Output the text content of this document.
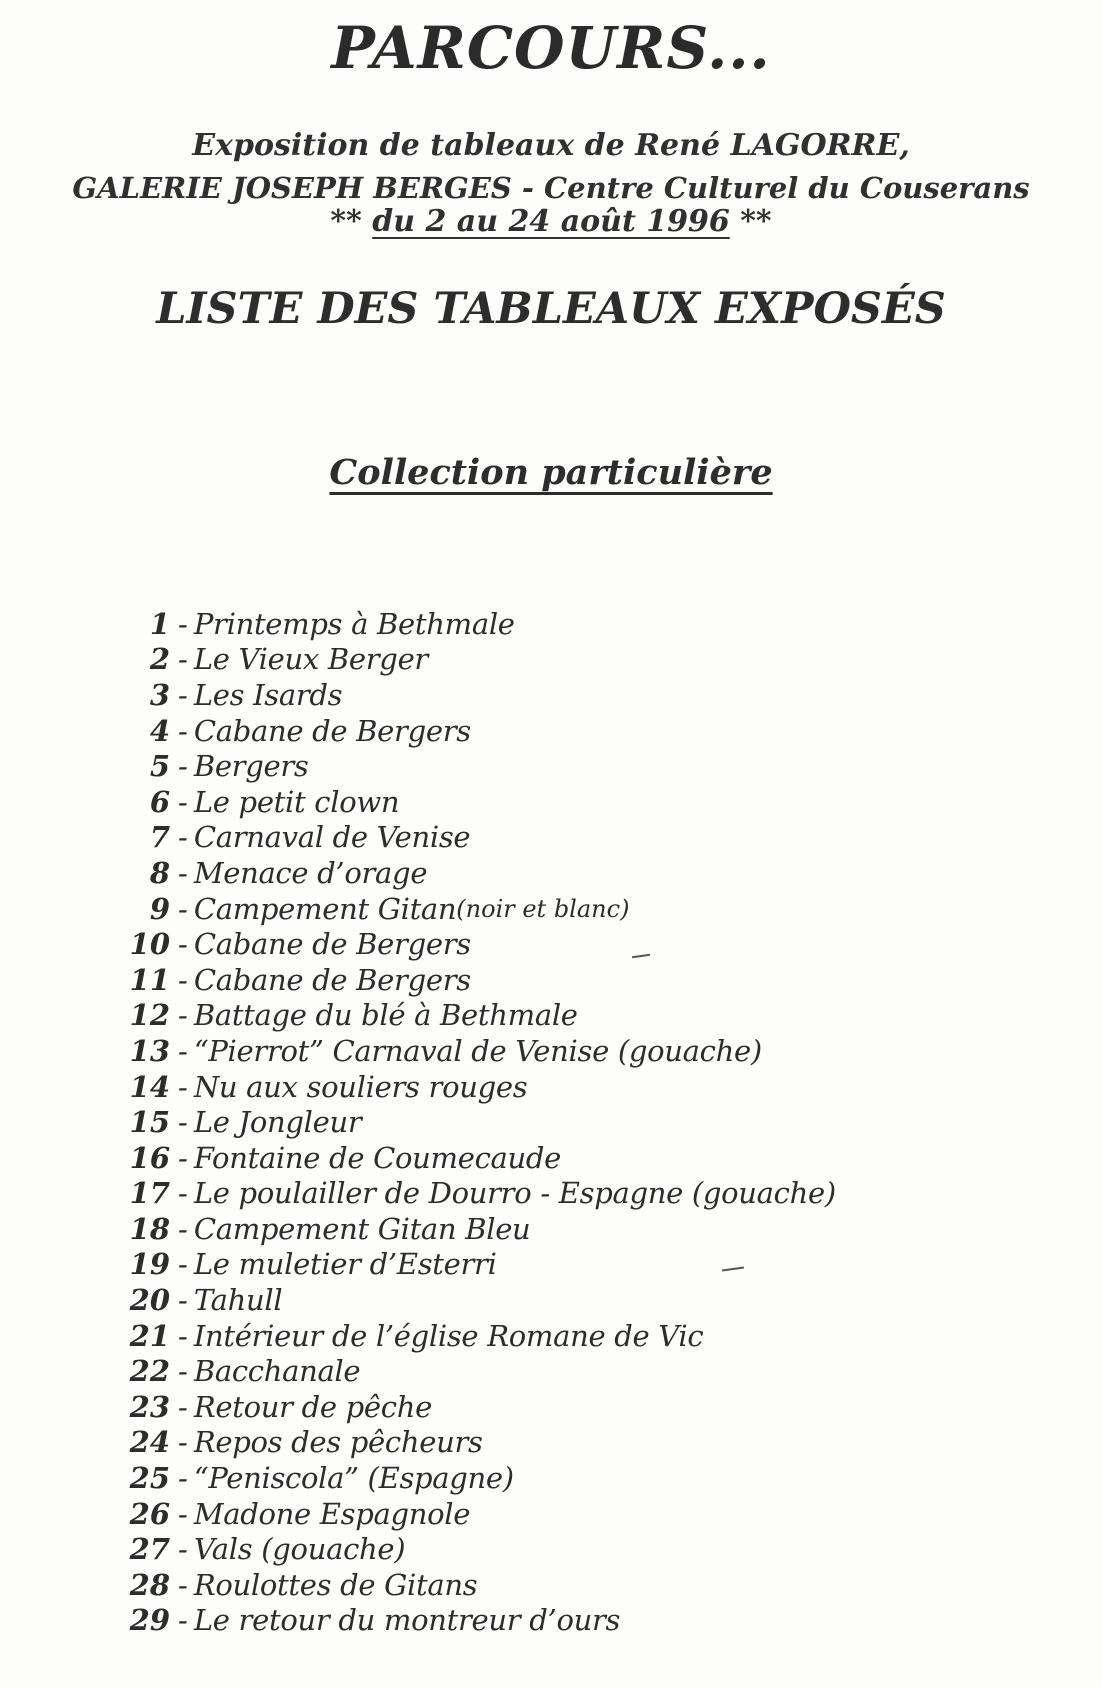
PARCOURS...
Exposition de tableaux de René LAGORRE,
GALERIE JOSEPH BERGES - Centre Culturel du Couserans
** du 2 au 24 août 1996 **
LISTE DES TABLEAUX EXPOSÉS
Collection particulière
1 - Printemps à Bethmale
2 - Le Vieux Berger
3 - Les Isards
4 - Cabane de Bergers
5 - Bergers
6 - Le petit clown
7 - Carnaval de Venise
8 - Menace d’orage
9 - Campement Gitan (noir et blanc)
10 - Cabane de Bergers
11 - Cabane de Bergers
12 - Battage du blé à Bethmale
13 - “Pierrot” Carnaval de Venise (gouache)
14 - Nu aux souliers rouges
15 - Le Jongleur
16 - Fontaine de Coumecaude
17 - Le poulailler de Dourro - Espagne (gouache)
18 - Campement Gitan Bleu
19 - Le muletier d’Esterri
20 - Tahull
21 - Intérieur de l’église Romane de Vic
22 - Bacchanale
23 - Retour de pêche
24 - Repos des pêcheurs
25 - “Peniscola” (Espagne)
26 - Madone Espagnole
27 - Vals (gouache)
28 - Roulottes de Gitans
29 - Le retour du montreur d’ours
